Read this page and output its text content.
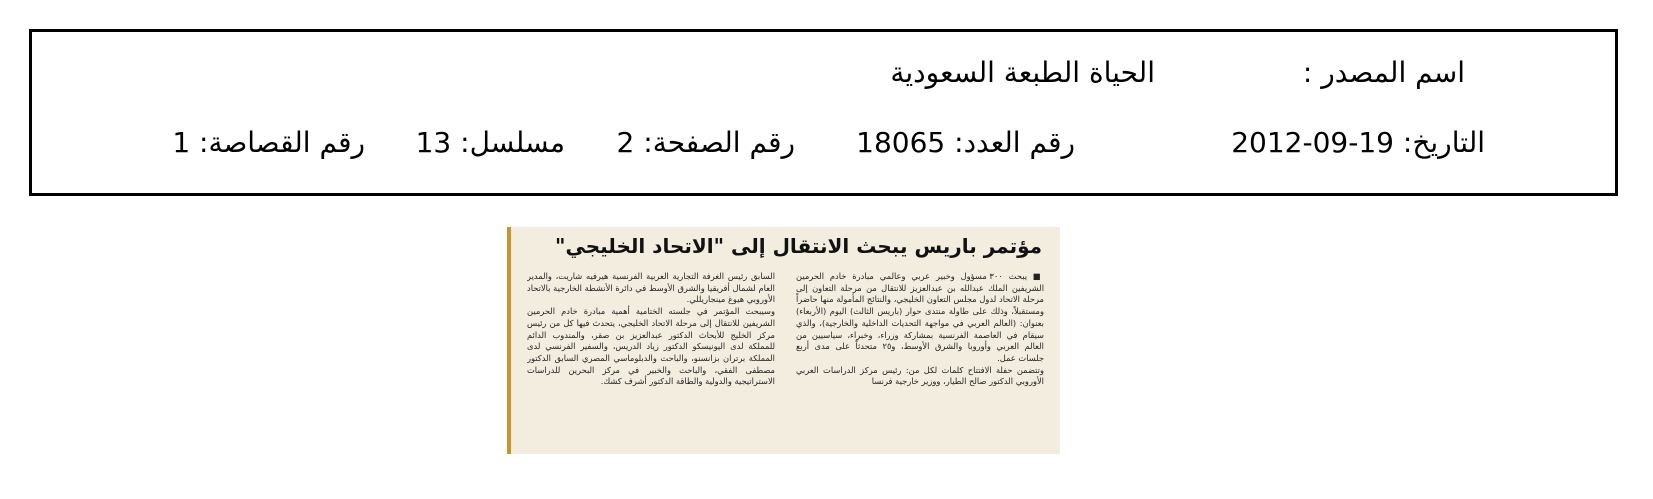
اسم المصدر :
الحياة الطبعة السعودية
التاريخ: 19-09-2012
رقم العدد: 18065
رقم الصفحة: 2
مسلسل: 13
رقم القصاصة: 1
مؤتمر باريس يبحث الانتقال إلى "الاتحاد الخليجي"

■ يبحث ٣٠٠ مسؤول وخبير عربي وعالمي مبادرة خادم الحرمين الشريفين الملك عبدالله بن عبدالعزيز للانتقال من مرحلة التعاون إلى مرحلة الاتحاد لدول مجلس التعاون الخليجي، والنتائج المأمولة منها حاضراً ومستقبلاً، وذلك على طاولة منتدى حوار (باريس الثالث) اليوم (الأربعاء) بعنوان: (العالم العربي في مواجهة التحديات الداخلية والخارجية)، والذي سيقام في العاصمة الفرنسية بمشاركة وزراء، وخبراء، سياسيين من العالم العربي وأوروبا والشرق الأوسط، و٢٥ متحدثاً على مدى أربع جلسات عمل.

وتتضمن حفلة الافتتاح كلمات لكل من: رئيس مركز الدراسات العربي الأوروبي الدكتور صالح الطيار، ووزير خارجية فرنسا

السابق رئيس الغرفة التجارية العربية الفرنسية هيرفيه شاريت، والمدير العام لشمال أفريقيا والشرق الأوسط في دائرة الأنشطة الخارجية بالاتحاد الأوروبي هيوغ مينجاريللي.

وسيبحث المؤتمر في جلسته الختامية أهمية مبادرة خادم الحرمين الشريفين للانتقال إلى مرحلة الاتحاد الخليجي، يتحدث فيها كل من رئيس مركز الخليج للأبحاث الدكتور عبدالعزيز بن صقر، والمندوب الدائم للمملكة لدى اليونيسكو الدكتور زياد الدريس، والسفير الفرنسي لدى المملكة برتران بزانسنو، والباحث والدبلوماسي المصري السابق الدكتور مصطفى الفقي، والباحث والخبير في مركز البحرين للدراسات الاستراتيجية والدولية والطاقة الدكتور أشرف كشك.
